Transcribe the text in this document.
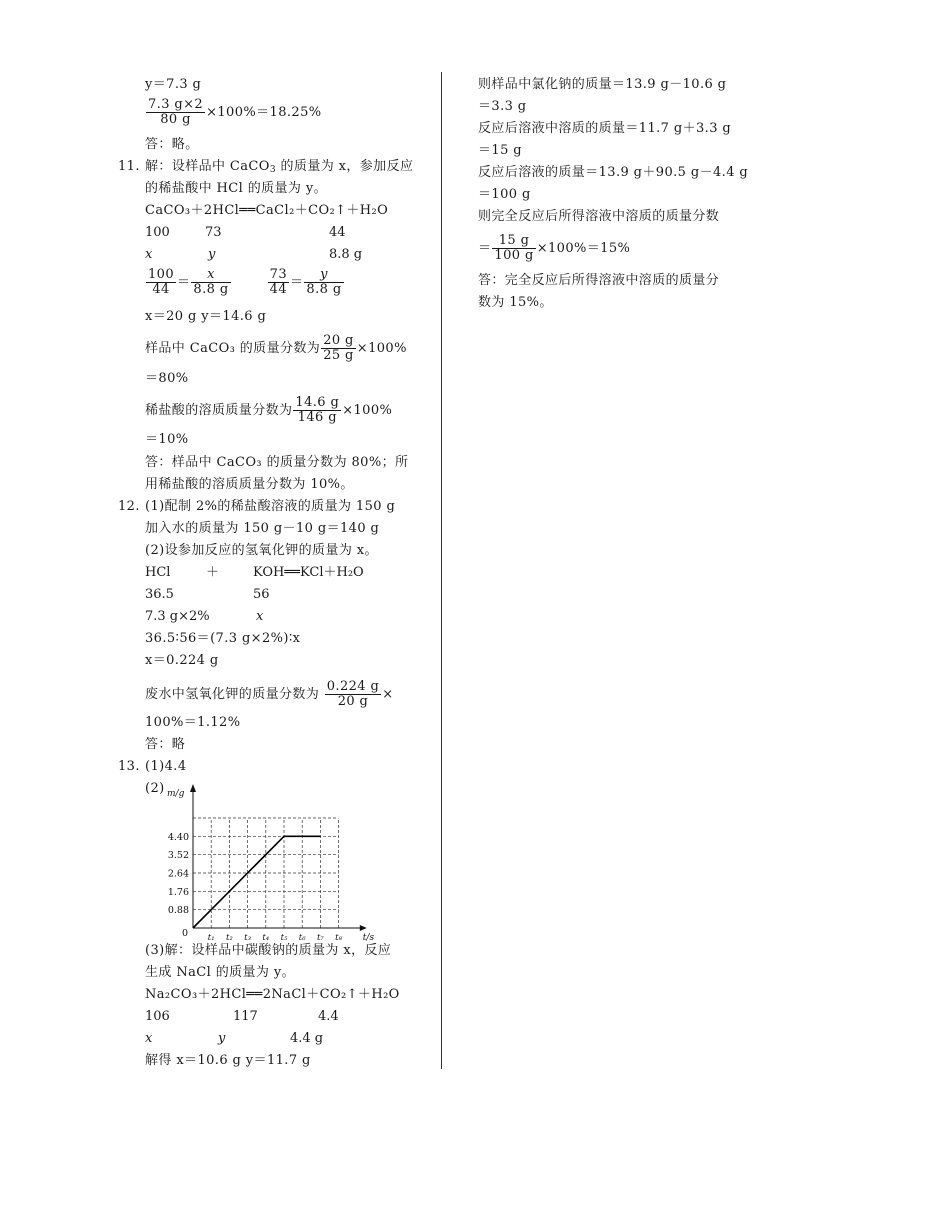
y＝7.3 g
$\frac{7.3 g\times 2}{80 g} \times 100\%=18.25\%$
答：略。
11. 解：设样品中 CaCO$_3$ 的质量为 x，参加反应
的稀盐酸中 HCl 的质量为 y。
CaCO₃＋2HCl══CaCl₂＋CO₂↑＋H₂O
100	73	44
x	y	8.8 g
$\frac{100}{44} = \frac{x}{8.8 g}$
	$\frac{73}{44} = \frac{y}{8.8 g}$
x＝20 g y＝14.6 g
样品中 CaCO₃ 的质量分数为 $\frac{20 g}{25 g} \times 100\%$
＝80%
稀盐酸的溶质质量分数为 $\frac{14.6 g}{146 g} \times 100\%$
＝10%
答：样品中 CaCO₃ 的质量分数为 80%；所
用稀盐酸的溶质质量分数为 10%。
12. (1)配制 2%的稀盐酸溶液的质量为 150 g
加入水的质量为 150 g－10 g＝140 g
(2)设参加反应的氢氧化钾的质量为 x。
HCl	＋	KOH══KCl＋H₂O
36.5	56
7.3 g×2%	x
36.5∶56＝(7.3 g×2%)∶x
x＝0.224 g
废水中氢氧化钾的质量分数为 $\frac{0.224 g}{20 g}$ ×
100%＝1.12%
答：略
13. (1)4.4
(2)
(3)解：设样品中碳酸钠的质量为 x，反应
生成 NaCl 的质量为 y。
Na₂CO₃＋2HCl══2NaCl＋CO₂↑＋H₂O
106	117	4.4
x	y	4.4 g
解得 x＝10.6 g y＝11.7 g
0.88
1.76
2.64
3.52
4.40
t₁ t₂ t₃ t₄ t₅ t₆ t₇ t₈
0
m/g
t/s
则样品中氯化钠的质量＝13.9 g－10.6 g
＝3.3 g
反应后溶液中溶质的质量＝11.7 g＋3.3 g
＝15 g
反应后溶液的质量＝13.9 g＋90.5 g－4.4 g
＝100 g
则完全反应后所得溶液中溶质的质量分数
＝ $\frac{15 g}{100 g} \times 100\%=15\%$
答：完全反应后所得溶液中溶质的质量分
数为 15%。
